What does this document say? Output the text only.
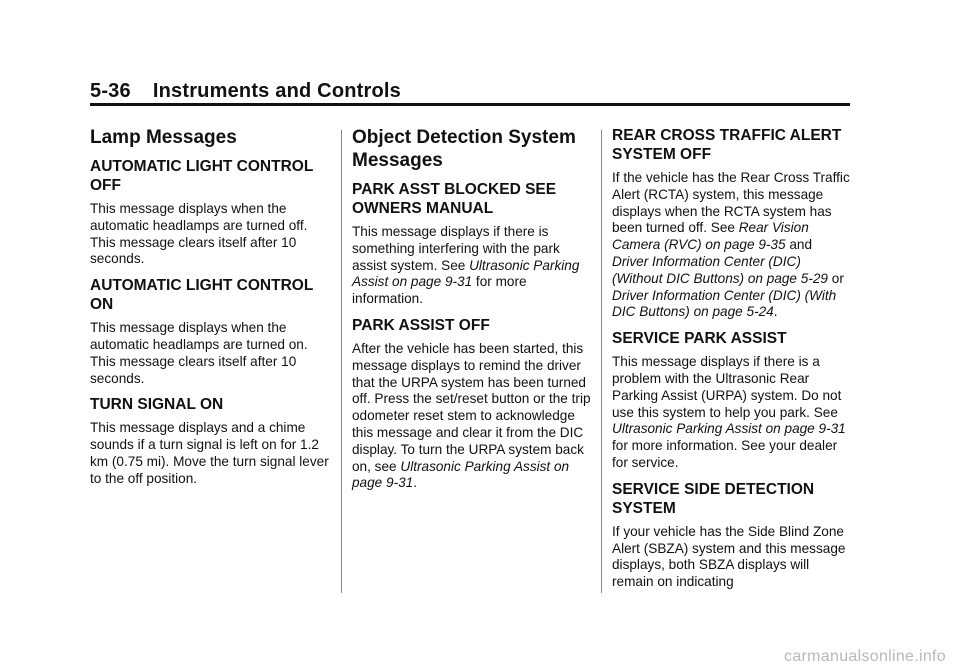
5-36 Instruments and Controls
Lamp Messages
AUTOMATIC LIGHT CONTROL OFF

This message displays when the automatic headlamps are turned off. This message clears itself after 10 seconds.

AUTOMATIC LIGHT CONTROL ON

This message displays when the automatic headlamps are turned on. This message clears itself after 10 seconds.

TURN SIGNAL ON

This message displays and a chime sounds if a turn signal is left on for 1.2 km (0.75 mi). Move the turn signal lever to the off position.

Object Detection System Messages
PARK ASST BLOCKED SEE OWNERS MANUAL

This message displays if there is something interfering with the park assist system. See Ultrasonic Parking Assist on page 9-31 for more information.

PARK ASSIST OFF

After the vehicle has been started, this message displays to remind the driver that the URPA system has been turned off. Press the set/reset button or the trip odometer reset stem to acknowledge this message and clear it from the DIC display. To turn the URPA system back on, see Ultrasonic Parking Assist on page 9-31.

REAR CROSS TRAFFIC ALERT SYSTEM OFF

If the vehicle has the Rear Cross Traffic Alert (RCTA) system, this message displays when the RCTA system has been turned off. See Rear Vision Camera (RVC) on page 9-35 and Driver Information Center (DIC) (Without DIC Buttons) on page 5-29 or Driver Information Center (DIC) (With DIC Buttons) on page 5-24.

SERVICE PARK ASSIST

This message displays if there is a problem with the Ultrasonic Rear Parking Assist (URPA) system. Do not use this system to help you park. See Ultrasonic Parking Assist on page 9-31 for more information. See your dealer for service.

SERVICE SIDE DETECTION SYSTEM

If your vehicle has the Side Blind Zone Alert (SBZA) system and this message displays, both SBZA displays will remain on indicating

carmanualsonline.info
